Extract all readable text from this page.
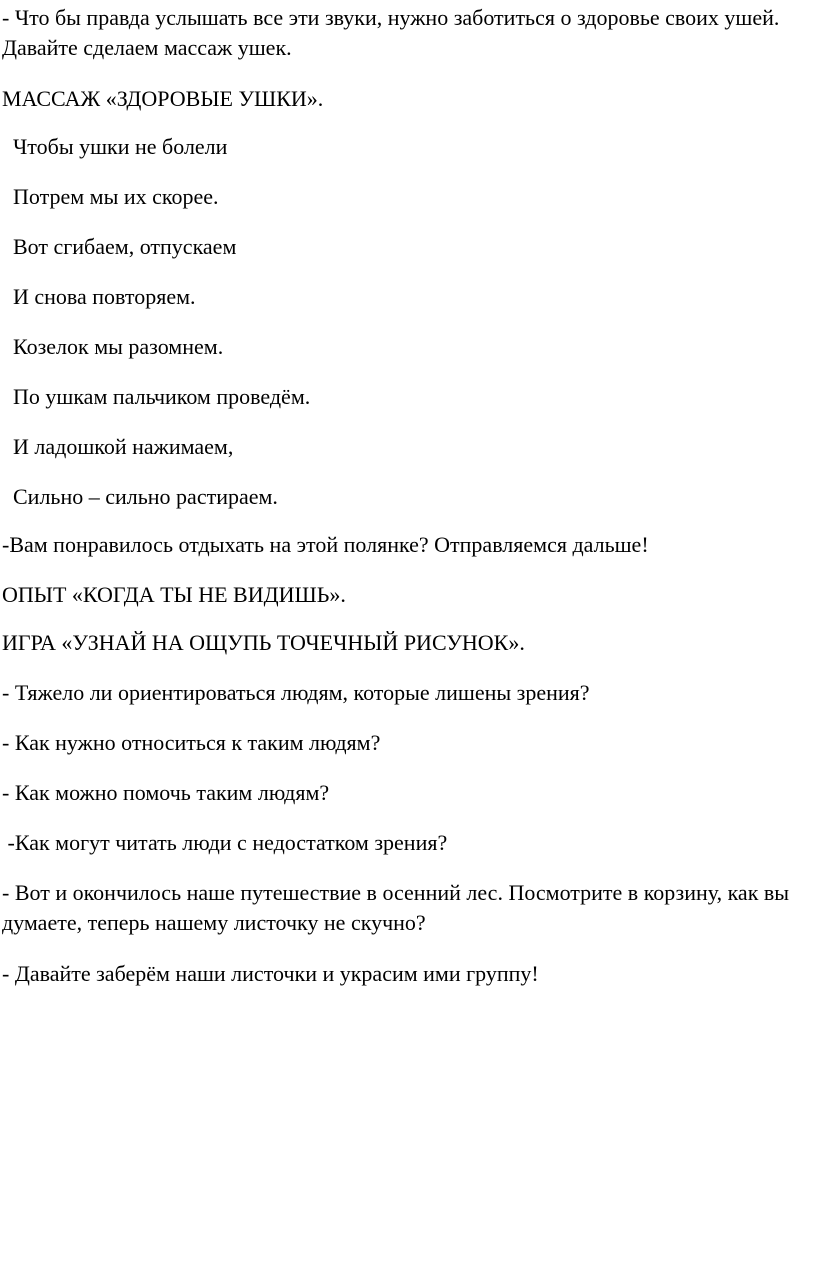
- Что бы правда услышать все эти звуки, нужно заботиться о здоровье своих ушей. Давайте сделаем массаж ушек.

МАССАЖ «ЗДОРОВЫЕ УШКИ».

Чтобы ушки не болели

Потрем мы их скорее.

Вот сгибаем, отпускаем

И снова повторяем.

Козелок мы разомнем.

По ушкам пальчиком проведём.

И ладошкой нажимаем,

Сильно – сильно растираем.

-Вам понравилось отдыхать на этой полянке? Отправляемся дальше!

ОПЫТ «КОГДА ТЫ НЕ ВИДИШЬ».

ИГРА «УЗНАЙ НА ОЩУПЬ ТОЧЕЧНЫЙ РИСУНОК».

- Тяжело ли ориентироваться людям, которые лишены зрения?

- Как нужно относиться к таким людям?

- Как можно помочь таким людям?

-Как могут читать люди с недостатком зрения?

- Вот и окончилось наше путешествие в осенний лес. Посмотрите в корзину, как вы думаете, теперь нашему листочку не скучно?

- Давайте заберём наши листочки и украсим ими группу!
